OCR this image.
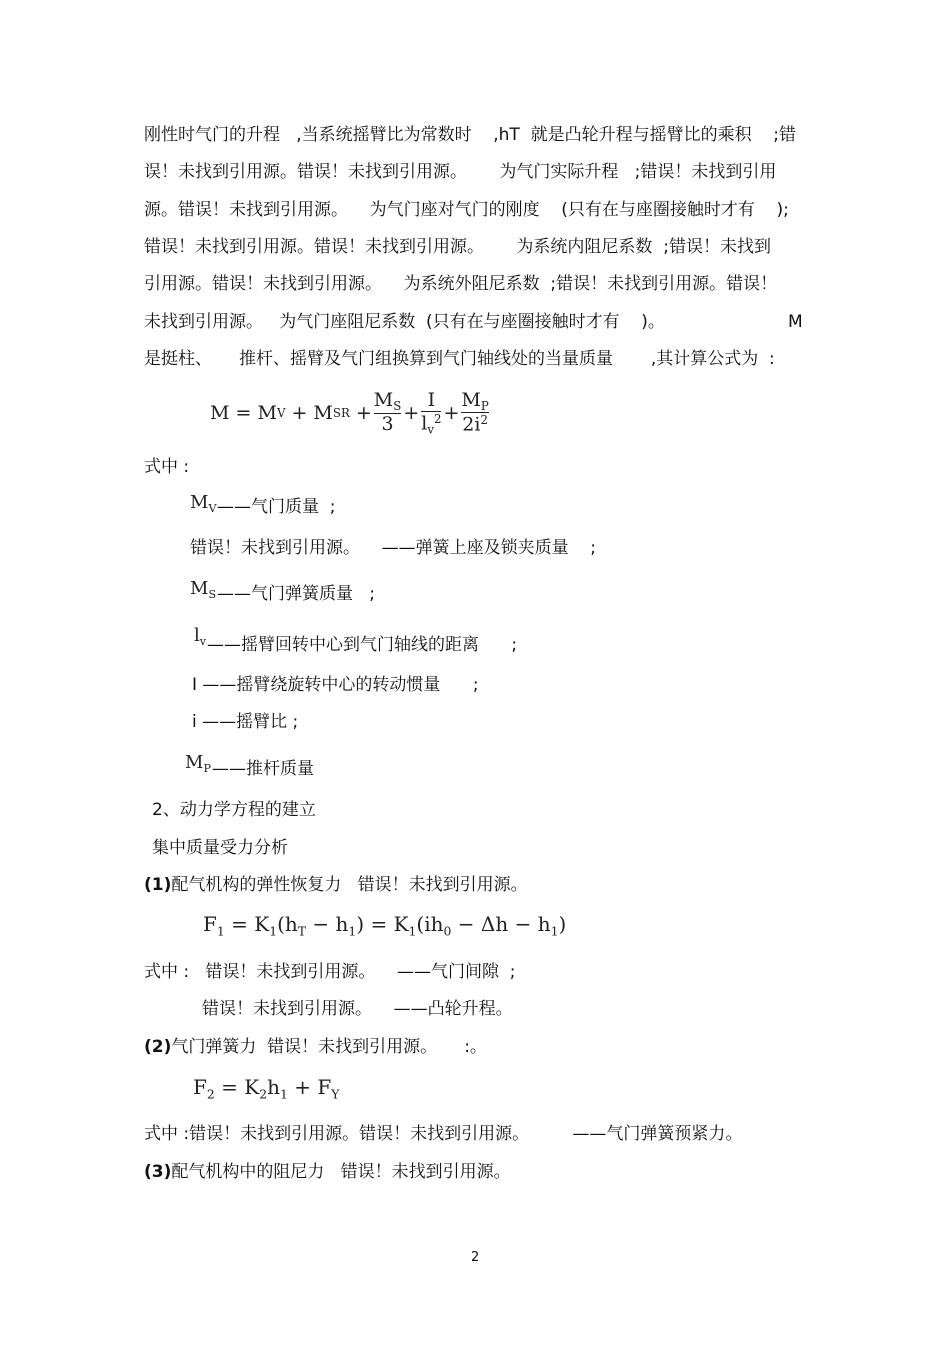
刚性时气门的升程   ,当系统摇臂比为常数时    ,hT  就是凸轮升程与摇臂比的乘积    ;错
误！未找到引用源。错误！未找到引用源。      为气门实际升程   ;错误！未找到引用
源。错误！未找到引用源。    为气门座对气门的刚度    (只有在与座圈接触时才有    );
错误！未找到引用源。错误！未找到引用源。      为系统内阻尼系数  ;错误！未找到
引用源。错误！未找到引用源。    为系统外阻尼系数  ;错误！未找到引用源。错误！
未找到引用源。   为气门座阻尼系数  (只有在与座圈接触时才有    )。	M
是挺柱、     推杆、摇臂及气门组换算到气门轴线处的当量质量       ,其计算公式为  :
M = M V + M SR + $\frac{M_S}{3} + \frac{I}{l_v^2} + \frac{M_P}{2i^2}$
式中 :
$M_V$ ——气门质量  ;
错误！未找到引用源。    ——弹簧上座及锁夹质量    ;
$M_S$ ——气门弹簧质量   ;
$l_v$ ——摇臂回转中心到气门轴线的距离      ;
I ——摇臂绕旋转中心的转动惯量      ;
i ——摇臂比 ;
$M_P$ ——推杆质量
2、动力学方程的建立
集中质量受力分析
(1)配气机构的弹性恢复力   错误！未找到引用源。
$F_1 = K_1(h_T - h_1) = K_1(ih_0 - \Delta h - h_1)$
式中 :   错误！未找到引用源。    ——气门间隙  ;
错误！未找到引用源。    ——凸轮升程。
(2)气门弹簧力  错误！未找到引用源。     :。
$F_2 = K_2h_1 + F_Y$
式中 :错误！未找到引用源。错误！未找到引用源。        ——气门弹簧预紧力。
(3)配气机构中的阻尼力   错误！未找到引用源。
2
